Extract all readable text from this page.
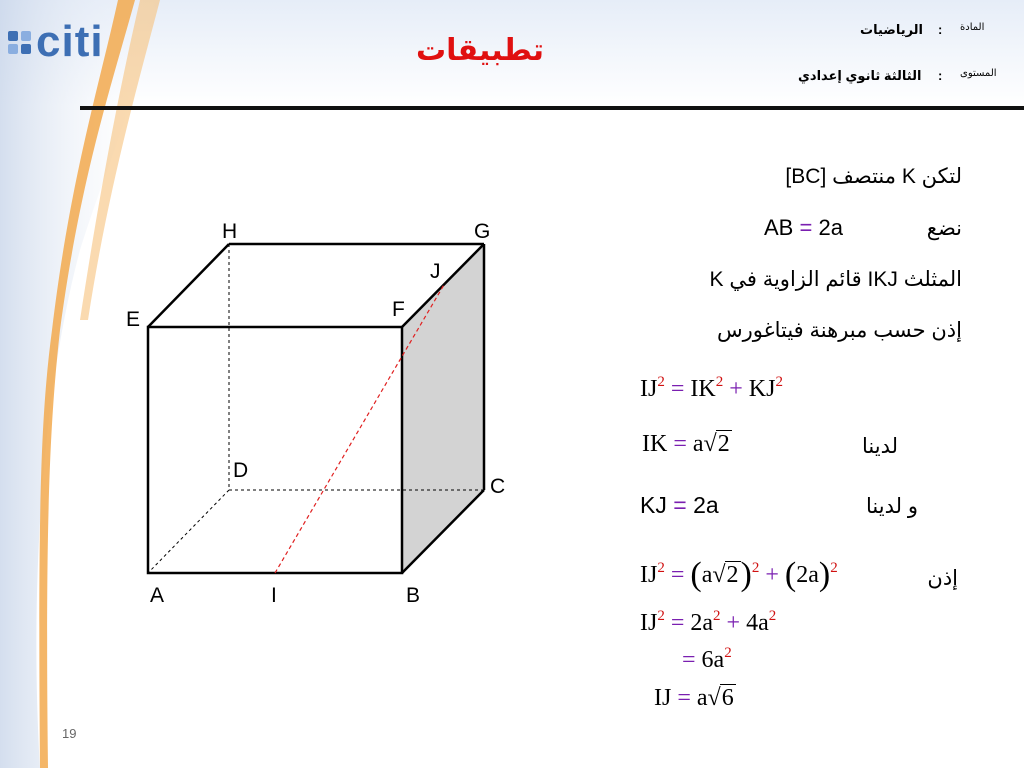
citi	تطبيقات
المادة
:
الرياضيات
المستوى
:
الثالثة ثانوي إعدادي
H	G
E	F
J
D
C
A	I	B
لتكن K منتصف [BC]
نضع
AB = 2a
المثلث IKJ قائم الزاوية في K
إذن حسب مبرهنة فيتاغورس
$IJ^2 = IK^2 + KJ^2$
IK = a√2	لدينا
KJ = 2a	و لدينا
$IJ^2 = (a√2)^2 + (2a)^2$	إذن
$IJ^2 = 2a^2 + 4a^2$
= $6a^2$
IJ = a√6
19
